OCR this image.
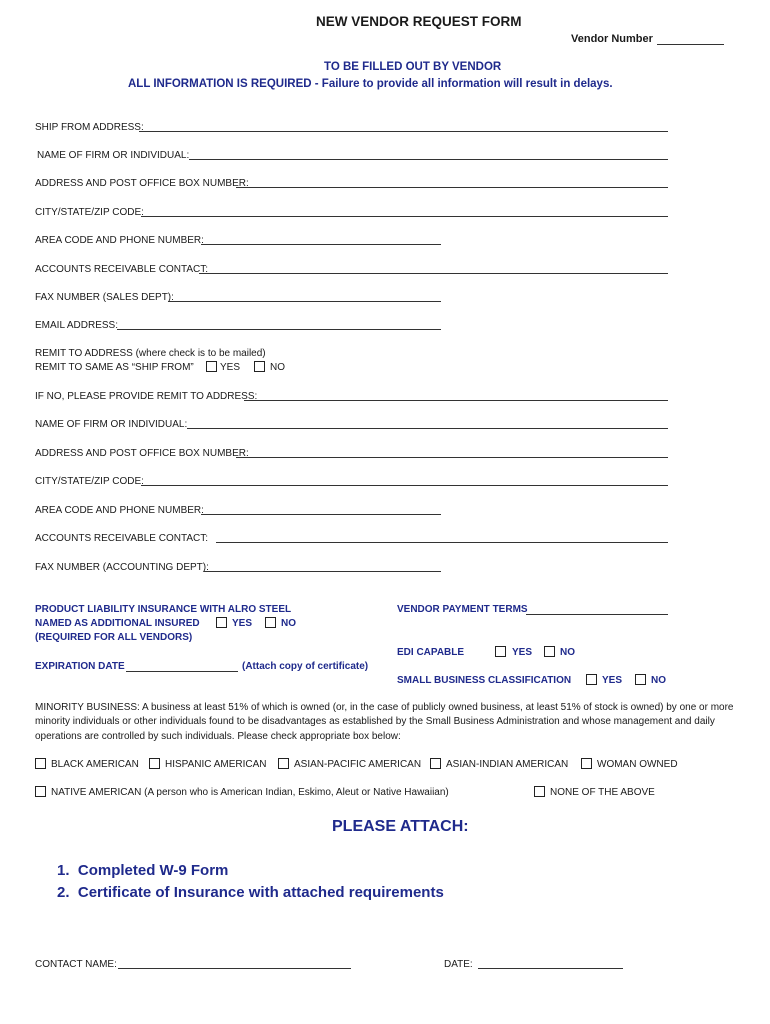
NEW VENDOR REQUEST FORM
Vendor Number
TO BE FILLED OUT BY VENDOR
ALL INFORMATION IS REQUIRED - Failure to provide all information will result in delays.
SHIP FROM ADDRESS:
NAME OF FIRM OR INDIVIDUAL:
ADDRESS AND POST OFFICE BOX NUMBER:
CITY/STATE/ZIP CODE:
AREA CODE AND PHONE NUMBER:
ACCOUNTS RECEIVABLE CONTACT:
FAX NUMBER (SALES DEPT):
EMAIL ADDRESS:
REMIT TO ADDRESS (where check is to be mailed)
REMIT TO SAME AS “SHIP FROM”	YES	NO
IF NO, PLEASE PROVIDE REMIT TO ADDRESS:
NAME OF FIRM OR INDIVIDUAL:
ADDRESS AND POST OFFICE BOX NUMBER:
CITY/STATE/ZIP CODE:
AREA CODE AND PHONE NUMBER:
ACCOUNTS RECEIVABLE CONTACT:
FAX NUMBER (ACCOUNTING DEPT):
PRODUCT LIABILITY INSURANCE WITH ALRO STEEL
NAMED AS ADDITIONAL INSURED	YES	NO
(REQUIRED FOR ALL VENDORS)
EXPIRATION DATE	(Attach copy of certificate)
VENDOR PAYMENT TERMS
EDI CAPABLE	YES	NO
SMALL BUSINESS CLASSIFICATION	YES	NO
MINORITY BUSINESS: A business at least 51% of which is owned (or, in the case of publicly owned business, at least 51% of stock is owned) by one or more minority individuals or other individuals found to be disadvantages as established by the Small Business Administration and whose management and daily operations are controlled by such individuals. Please check appropriate box below:
BLACK AMERICAN	HISPANIC AMERICAN	ASIAN-PACIFIC AMERICAN ASIAN-INDIAN AMERICAN	WOMAN OWNED
NATIVE AMERICAN (A person who is American Indian, Eskimo, Aleut or Native Hawaiian)	NONE OF THE ABOVE
PLEASE ATTACH:
1.  Completed W-9 Form
2.  Certificate of Insurance with attached requirements
CONTACT NAME:	DATE:
